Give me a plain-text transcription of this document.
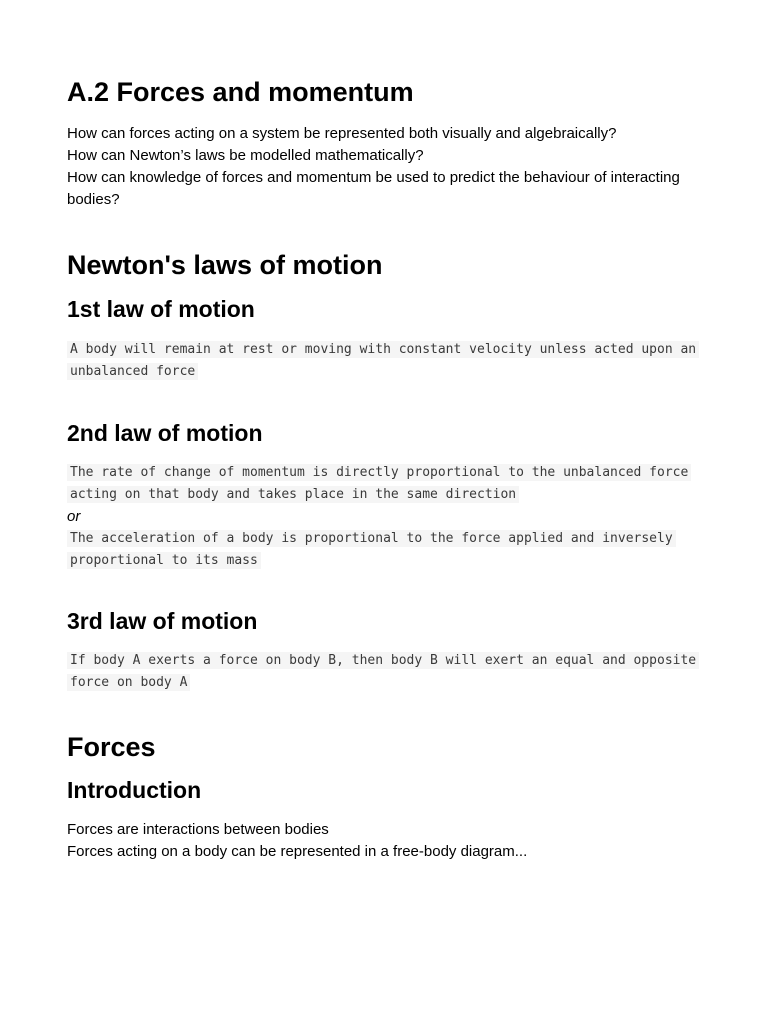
A.2 Forces and momentum

How can forces acting on a system be represented both visually and algebraically?

How can Newton’s laws be modelled mathematically?

How can knowledge of forces and momentum be used to predict the behaviour of interacting bodies?

Newton's laws of motion
1st law of motion

A body will remain at rest or moving with constant velocity unless acted upon an unbalanced force

2nd law of motion

The rate of change of momentum is directly proportional to the unbalanced force acting on that body and takes place in the same direction

or

The acceleration of a body is proportional to the force applied and inversely proportional to its mass

3rd law of motion

If body A exerts a force on body B, then body B will exert an equal and opposite force on body A

Forces
Introduction

Forces are interactions between bodies

Forces acting on a body can be represented in a free-body diagram...
